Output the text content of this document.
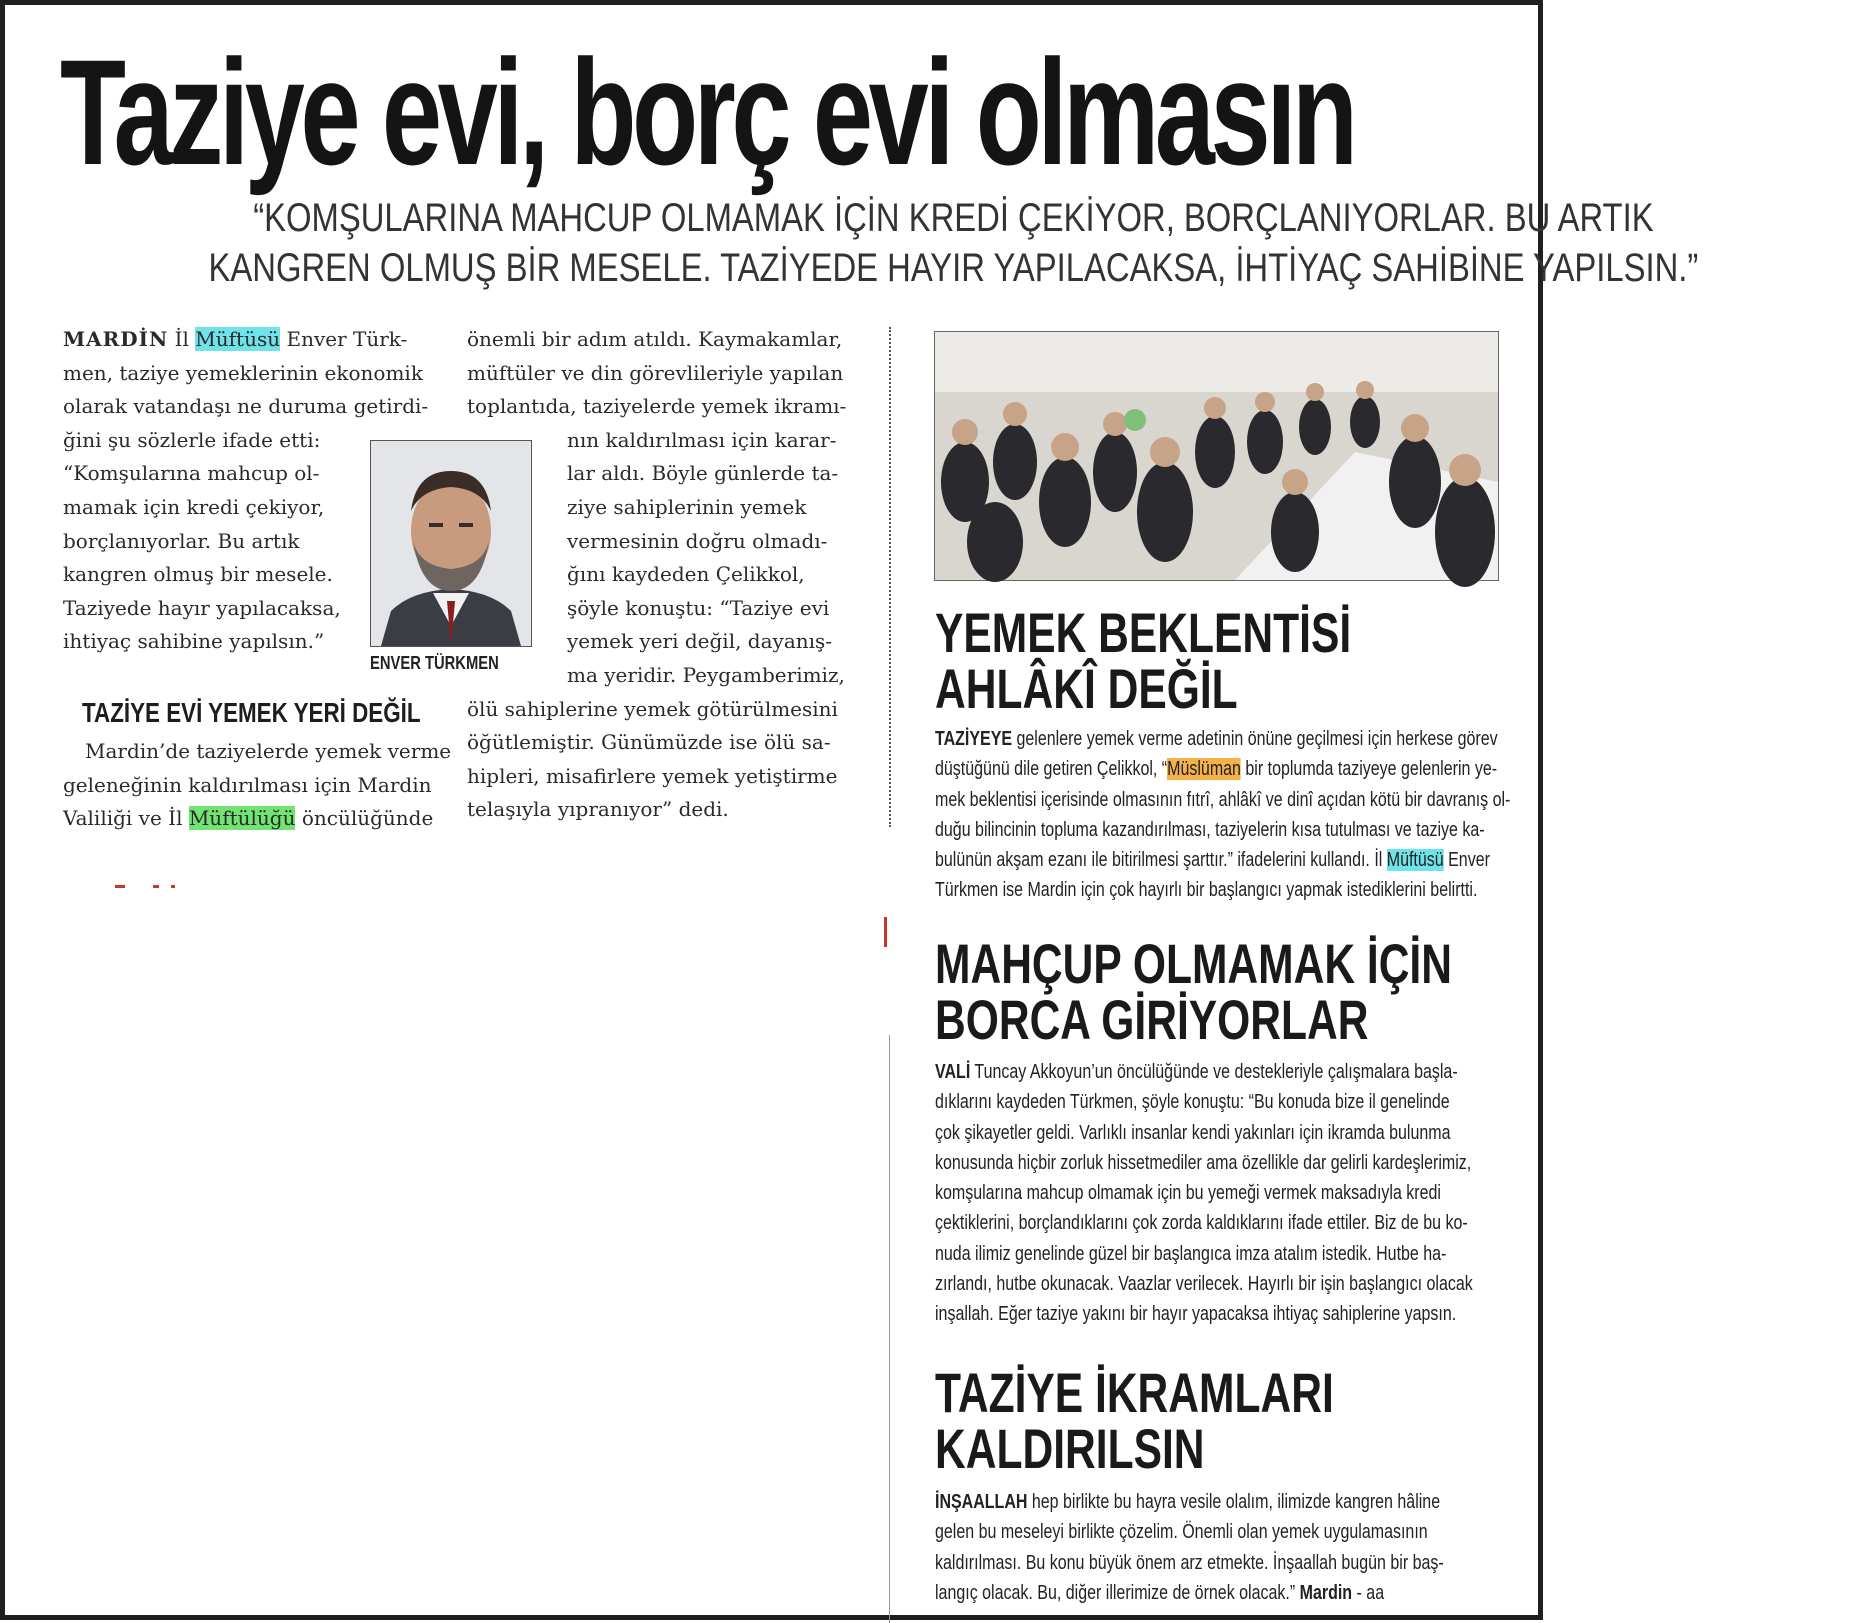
Taziye evi, borç evi olmasın
“KOMŞULARINA MAHCUP OLMAMAK İÇİN KREDİ ÇEKİYOR, BORÇLANIYORLAR. BU ARTIK
KANGREN OLMUŞ BİR MESELE. TAZİYEDE HAYIR YAPILACAKSA, İHTİYAÇ SAHİBİNE YAPILSIN.”
MARDİN İl Müftüsü Enver Türk-
men, taziye yemeklerinin ekonomik
olarak vatandaşı ne duruma getirdi-
ğini şu sözlerle ifade etti:
“Komşularına mahcup ol-
mamak için kredi çekiyor,
borçlanıyorlar. Bu artık
kangren olmuş bir mesele.
Taziyede hayır yapılacaksa,
ihtiyaç sahibine yapılsın.”
ENVER TÜRKMEN
TAZİYE EVİ YEMEK YERİ DEĞİL
Mardin’de taziyelerde yemek verme
geleneğinin kaldırılması için Mardin
Valiliği ve İl Müftülüğü öncülüğünde
önemli bir adım atıldı. Kaymakamlar,
müftüler ve din görevlileriyle yapılan
toplantıda, taziyelerde yemek ikramı-
nın kaldırılması için karar-
lar aldı. Böyle günlerde ta-
ziye sahiplerinin yemek
vermesinin doğru olmadı-
ğını kaydeden Çelikkol,
şöyle konuştu: “Taziye evi
yemek yeri değil, dayanış-
ma yeridir. Peygamberimiz,
ölü sahiplerine yemek götürülmesini
öğütlemiştir. Günümüzde ise ölü sa-
hipleri, misafirlere yemek yetiştirme
telaşıyla yıpranıyor” dedi.
YEMEK BEKLENTİSİ
AHLÂKÎ DEĞİL
TAZİYEYE gelenlere yemek verme adetinin önüne geçilmesi için herkese görev
düştüğünü dile getiren Çelikkol, “Müslüman bir toplumda taziyeye gelenlerin ye-
mek beklentisi içerisinde olmasının fıtrî, ahlâkî ve dinî açıdan kötü bir davranış ol-
duğu bilincinin topluma kazandırılması, taziyelerin kısa tutulması ve taziye ka-
bulünün akşam ezanı ile bitirilmesi şarttır.” ifadelerini kullandı. İl Müftüsü Enver
Türkmen ise Mardin için çok hayırlı bir başlangıcı yapmak istediklerini belirtti.
MAHÇUP OLMAMAK İÇİN
BORCA GİRİYORLAR
VALİ Tuncay Akkoyun’un öncülüğünde ve destekleriyle çalışmalara başla-
dıklarını kaydeden Türkmen, şöyle konuştu: “Bu konuda bize il genelinde
çok şikayetler geldi. Varlıklı insanlar kendi yakınları için ikramda bulunma
konusunda hiçbir zorluk hissetmediler ama özellikle dar gelirli kardeşlerimiz,
komşularına mahcup olmamak için bu yemeği vermek maksadıyla kredi
çektiklerini, borçlandıklarını çok zorda kaldıklarını ifade ettiler. Biz de bu ko-
nuda ilimiz genelinde güzel bir başlangıca imza atalım istedik. Hutbe ha-
zırlandı, hutbe okunacak. Vaazlar verilecek. Hayırlı bir işin başlangıcı olacak
inşallah. Eğer taziye yakını bir hayır yapacaksa ihtiyaç sahiplerine yapsın.
TAZİYE İKRAMLARI
KALDIRILSIN
İNŞAALLAH hep birlikte bu hayra vesile olalım, ilimizde kangren hâline
gelen bu meseleyi birlikte çözelim. Önemli olan yemek uygulamasının
kaldırılması. Bu konu büyük önem arz etmekte. İnşaallah bugün bir baş-
langıç olacak. Bu, diğer illerimize de örnek olacak.” Mardin - aa
